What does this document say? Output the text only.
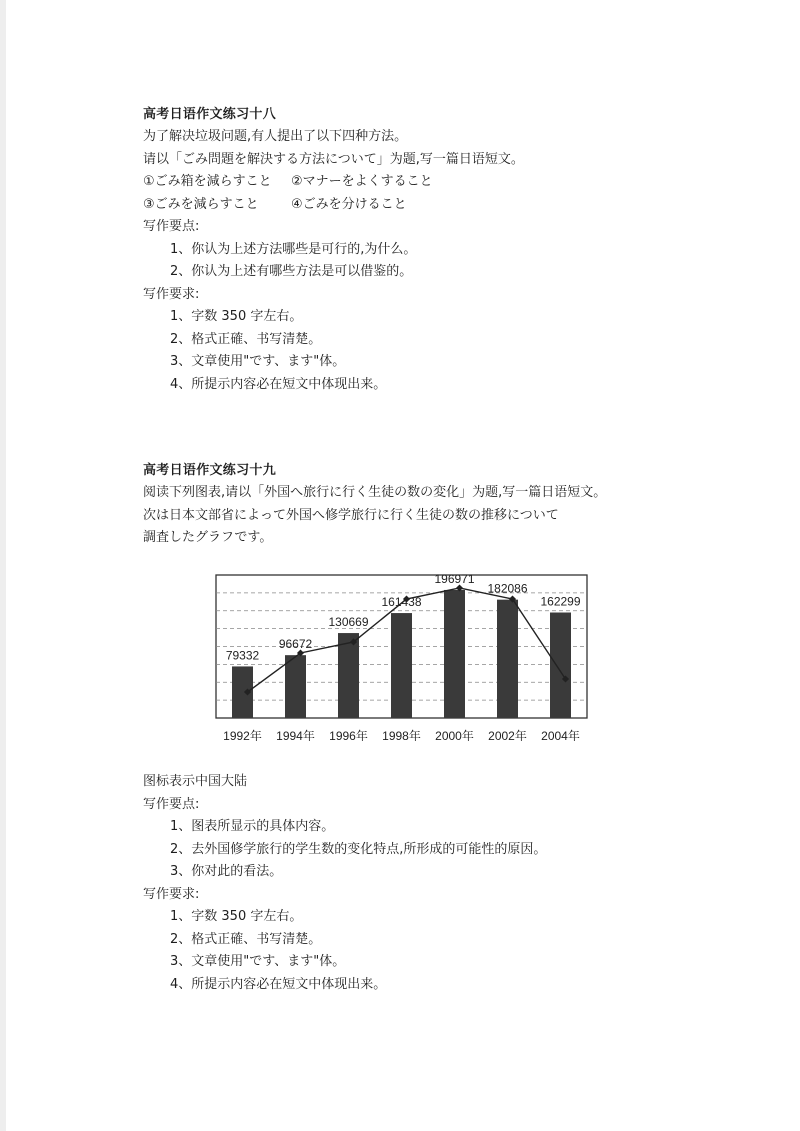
高考日语作文练习十八
为了解决垃圾问题,有人提出了以下四种方法。
请以「ごみ問題を解決する方法について」为题,写一篇日语短文。
①ごみ箱を減らすこと	②マナーをよくすること
③ごみを減らすこと	④ごみを分けること
写作要点:
1、你认为上述方法哪些是可行的,为什么。
2、你认为上述有哪些方法是可以借鉴的。
写作要求:
1、字数 350 字左右。
2、格式正確、书写清楚。
3、文章使用"です、ます"体。
4、所提示内容必在短文中体现出来。
高考日语作文练习十九
阅读下列图表,请以「外国へ旅行に行く生徒の数の変化」为题,写一篇日语短文。
次は日本文部省によって外国へ修学旅行に行く生徒の数の推移について
調査したグラフです。
79332
96672
130669
161438
196971
182086
162299
1992年 1994年 1996年 1998年 2000年 2002年 2004年
图标表示中国大陆
写作要点:
1、图表所显示的具体内容。
2、去外国修学旅行的学生数的变化特点,所形成的可能性的原因。
3、你对此的看法。
写作要求:
1、字数 350 字左右。
2、格式正確、书写清楚。
3、文章使用"です、ます"体。
4、所提示内容必在短文中体现出来。
